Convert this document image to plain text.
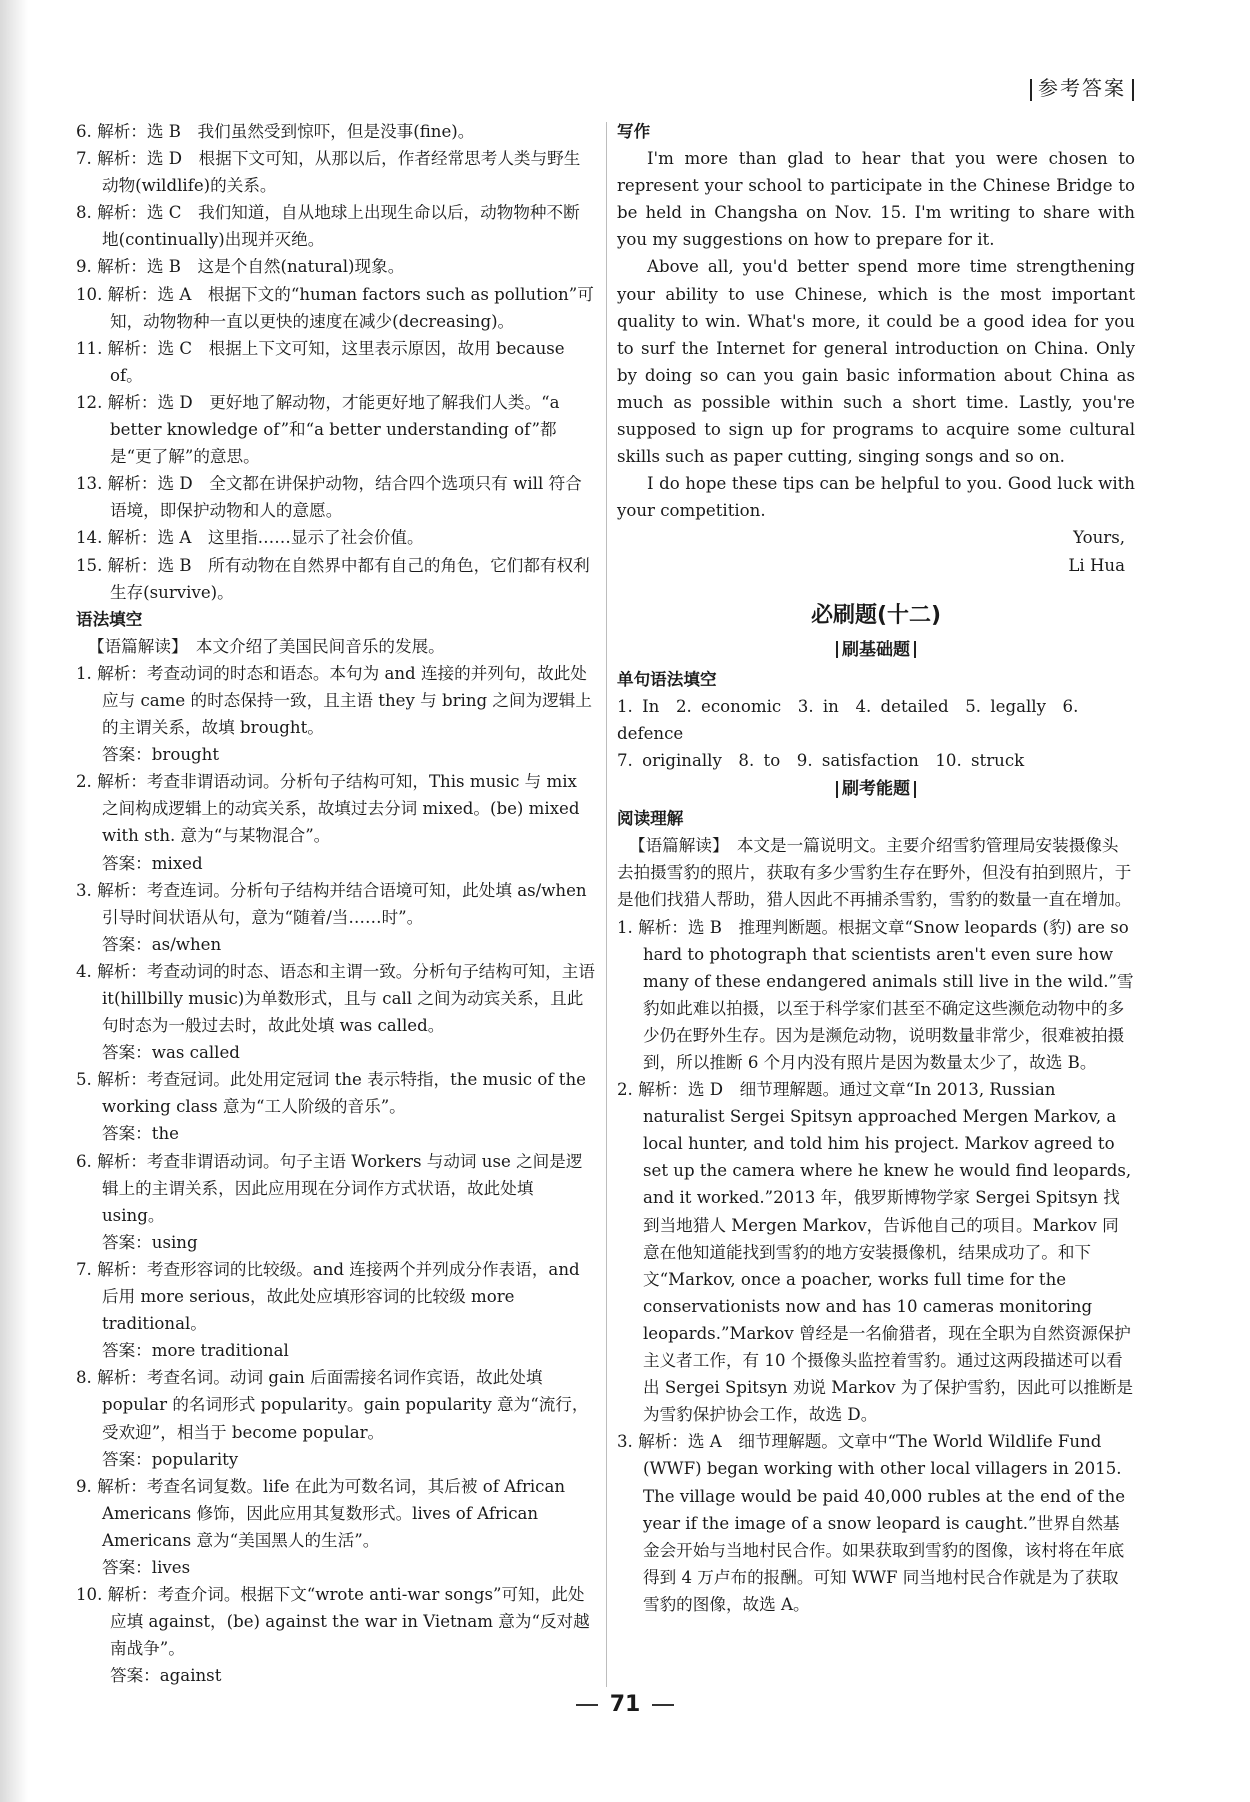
参考答案

6. 解析：选 B　我们虽然受到惊吓，但是没事(fine)。

7. 解析：选 D　根据下文可知，从那以后，作者经常思考人类与野生动物(wildlife)的关系。

8. 解析：选 C　我们知道，自从地球上出现生命以后，动物物种不断地(continually)出现并灭绝。

9. 解析：选 B　这是个自然(natural)现象。

10. 解析：选 A　根据下文的“human factors such as pollution”可知，动物物种一直以更快的速度在减少(decreasing)。

11. 解析：选 C　根据上下文可知，这里表示原因，故用 because of。

12. 解析：选 D　更好地了解动物，才能更好地了解我们人类。“a better knowledge of”和“a better understanding of”都是“更了解”的意思。

13. 解析：选 D　全文都在讲保护动物，结合四个选项只有 will 符合语境，即保护动物和人的意愿。

14. 解析：选 A　这里指……显示了社会价值。

15. 解析：选 B　所有动物在自然界中都有自己的角色，它们都有权利生存(survive)。

语法填空

【语篇解读】　本文介绍了美国民间音乐的发展。

1. 解析：考查动词的时态和语态。本句为 and 连接的并列句，故此处应与 came 的时态保持一致，且主语 they 与 bring 之间为逻辑上的主谓关系，故填 brought。

答案：brought

2. 解析：考查非谓语动词。分析句子结构可知，This music 与 mix 之间构成逻辑上的动宾关系，故填过去分词 mixed。(be) mixed with sth. 意为“与某物混合”。

答案：mixed

3. 解析：考查连词。分析句子结构并结合语境可知，此处填 as/when 引导时间状语从句，意为“随着/当……时”。

答案：as/when

4. 解析：考查动词的时态、语态和主谓一致。分析句子结构可知，主语 it(hillbilly music)为单数形式，且与 call 之间为动宾关系，且此句时态为一般过去时，故此处填 was called。

答案：was called

5. 解析：考查冠词。此处用定冠词 the 表示特指，the music of the working class 意为“工人阶级的音乐”。

答案：the

6. 解析：考查非谓语动词。句子主语 Workers 与动词 use 之间是逻辑上的主谓关系，因此应用现在分词作方式状语，故此处填 using。

答案：using

7. 解析：考查形容词的比较级。and 连接两个并列成分作表语，and 后用 more serious，故此处应填形容词的比较级 more traditional。

答案：more traditional

8. 解析：考查名词。动词 gain 后面需接名词作宾语，故此处填 popular 的名词形式 popularity。gain popularity 意为“流行，受欢迎”，相当于 become popular。

答案：popularity

9. 解析：考查名词复数。life 在此为可数名词，其后被 of African Americans 修饰，因此应用其复数形式。lives of African Americans 意为“美国黑人的生活”。

答案：lives

10. 解析：考查介词。根据下文“wrote anti-war songs”可知，此处应填 against，(be) against the war in Vietnam 意为“反对越南战争”。

答案：against

写作

I'm more than glad to hear that you were chosen to represent your school to participate in the Chinese Bridge to be held in Changsha on Nov. 15. I'm writing to share with you my suggestions on how to prepare for it.

Above all, you'd better spend more time strengthening your ability to use Chinese, which is the most important quality to win. What's more, it could be a good idea for you to surf the Internet for general introduction on China. Only by doing so can you gain basic information about China as much as possible within such a short time. Lastly, you're supposed to sign up for programs to acquire some cultural skills such as paper cutting, singing songs and so on.

I do hope these tips can be helpful to you. Good luck with your competition.

Yours,

Li Hua

必刷题(十二)

刷基础题

单句语法填空

1. In　2. economic　3. in　4. detailed　5. legally　6. defence

7. originally　8. to　9. satisfaction　10. struck

刷考能题

阅读理解

【语篇解读】　本文是一篇说明文。主要介绍雪豹管理局安装摄像头去拍摄雪豹的照片，获取有多少雪豹生存在野外，但没有拍到照片，于是他们找猎人帮助，猎人因此不再捕杀雪豹，雪豹的数量一直在增加。

1. 解析：选 B　推理判断题。根据文章“Snow leopards (豹) are so hard to photograph that scientists aren't even sure how many of these endangered animals still live in the wild.”雪豹如此难以拍摄，以至于科学家们甚至不确定这些濒危动物中的多少仍在野外生存。因为是濒危动物，说明数量非常少，很难被拍摄到，所以推断 6 个月内没有照片是因为数量太少了，故选 B。

2. 解析：选 D　细节理解题。通过文章“In 2013, Russian naturalist Sergei Spitsyn approached Mergen Markov, a local hunter, and told him his project. Markov agreed to set up the camera where he knew he would find leopards, and it worked.”2013 年，俄罗斯博物学家 Sergei Spitsyn 找到当地猎人 Mergen Markov，告诉他自己的项目。Markov 同意在他知道能找到雪豹的地方安装摄像机，结果成功了。和下文“Markov, once a poacher, works full time for the conservationists now and has 10 cameras monitoring leopards.”Markov 曾经是一名偷猎者，现在全职为自然资源保护主义者工作，有 10 个摄像头监控着雪豹。通过这两段描述可以看出 Sergei Spitsyn 劝说 Markov 为了保护雪豹，因此可以推断是为雪豹保护协会工作，故选 D。

3. 解析：选 A　细节理解题。文章中“The World Wildlife Fund (WWF) began working with other local villagers in 2015. The village would be paid 40,000 rubles at the end of the year if the image of a snow leopard is caught.”世界自然基金会开始与当地村民合作。如果获取到雪豹的图像，该村将在年底得到 4 万卢布的报酬。可知 WWF 同当地村民合作就是为了获取雪豹的图像，故选 A。

71
